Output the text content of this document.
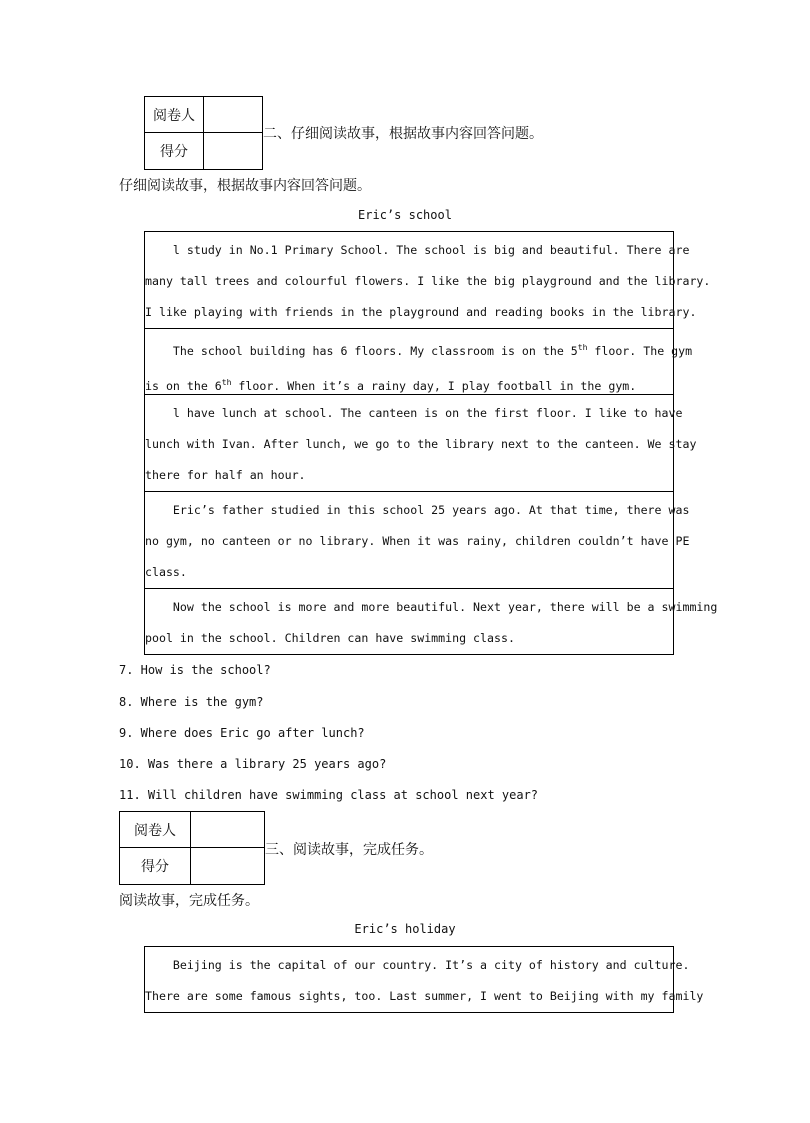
阅卷人	
得分	
二、仔细阅读故事，根据故事内容回答问题。
仔细阅读故事，根据故事内容回答问题。
Eric’s school

l study in No.1 Primary School. The school is big and beautiful. There are
many tall trees and colourful flowers. I like the big playground and the library.
I like playing with friends in the playground and reading books in the library.

The school building has 6 floors. My classroom is on the 5th floor. The gym
is on the 6th floor. When it’s a rainy day, I play football in the gym.

l have lunch at school. The canteen is on the first floor. I like to have
lunch with Ivan. After lunch, we go to the library next to the canteen. We stay
there for half an hour.

Eric’s father studied in this school 25 years ago. At that time, there was
no gym, no canteen or no library. When it was rainy, children couldn’t have PE
class.

Now the school is more and more beautiful. Next year, there will be a swimming
pool in the school. Children can have swimming class.

7. How is the school?
8. Where is the gym?
9. Where does Eric go after lunch?
10. Was there a library 25 years ago?
11. Will children have swimming class at school next year?
阅卷人	
得分	
三、阅读故事，完成任务。
阅读故事，完成任务。
Eric’s holiday

Beijing is the capital of our country. It’s a city of history and culture.
There are some famous sights, too. Last summer, I went to Beijing with my family
